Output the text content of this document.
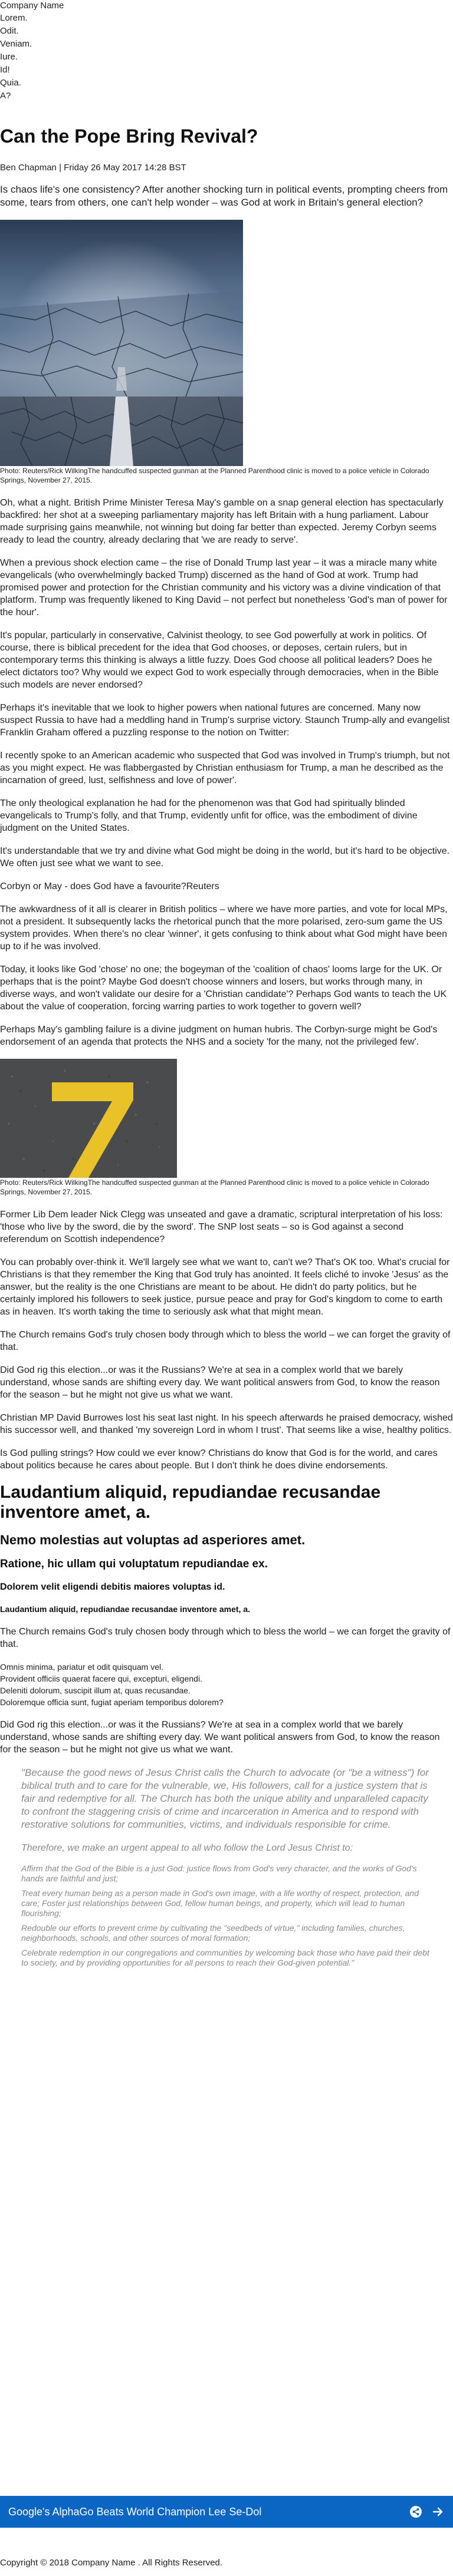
Company Name
Lorem.
Odit.
Veniam.
Iure.
Id!
Quia.
A?
Can the Pope Bring Revival?
Ben Chapman | Friday 26 May 2017 14:28 BST

Is chaos life's one consistency? After another shocking turn in political events, prompting cheers from some, tears from others, one can't help wonder – was God at work in Britain's general election?

Photo: Reuters/Rick WilkingThe handcuffed suspected gunman at the Planned Parenthood clinic is moved to a police vehicle in Colorado Springs, November 27, 2015.

Oh, what a night. British Prime Minister Teresa May's gamble on a snap general election has spectacularly backfired: her shot at a sweeping parliamentary majority has left Britain with a hung parliament. Labour made surprising gains meanwhile, not winning but doing far better than expected. Jeremy Corbyn seems ready to lead the country, already declaring that 'we are ready to serve'.

When a previous shock election came – the rise of Donald Trump last year – it was a miracle many white evangelicals (who overwhelmingly backed Trump) discerned as the hand of God at work. Trump had promised power and protection for the Christian community and his victory was a divine vindication of that platform. Trump was frequently likened to King David – not perfect but nonetheless 'God's man of power for the hour'.

It's popular, particularly in conservative, Calvinist theology, to see God powerfully at work in politics. Of course, there is biblical precedent for the idea that God chooses, or deposes, certain rulers, but in contemporary terms this thinking is always a little fuzzy. Does God choose all political leaders? Does he elect dictators too? Why would we expect God to work especially through democracies, when in the Bible such models are never endorsed?

Perhaps it's inevitable that we look to higher powers when national futures are concerned. Many now suspect Russia to have had a meddling hand in Trump's surprise victory. Staunch Trump-ally and evangelist Franklin Graham offered a puzzling response to the notion on Twitter:

I recently spoke to an American academic who suspected that God was involved in Trump's triumph, but not as you might expect. He was flabbergasted by Christian enthusiasm for Trump, a man he described as the incarnation of greed, lust, selfishness and love of power'.

The only theological explanation he had for the phenomenon was that God had spiritually blinded evangelicals to Trump's folly, and that Trump, evidently unfit for office, was the embodiment of divine judgment on the United States.

It's understandable that we try and divine what God might be doing in the world, but it's hard to be objective. We often just see what we want to see.

Corbyn or May - does God have a favourite?Reuters

The awkwardness of it all is clearer in British politics – where we have more parties, and vote for local MPs, not a president. It subsequently lacks the rhetorical punch that the more polarised, zero-sum game the US system provides. When there's no clear 'winner', it gets confusing to think about what God might have been up to if he was involved.

Today, it looks like God 'chose' no one; the bogeyman of the 'coalition of chaos' looms large for the UK. Or perhaps that is the point? Maybe God doesn't choose winners and losers, but works through many, in diverse ways, and won't validate our desire for a 'Christian candidate'? Perhaps God wants to teach the UK about the value of cooperation, forcing warring parties to work together to govern well?

Perhaps May's gambling failure is a divine judgment on human hubris. The Corbyn-surge might be God's endorsement of an agenda that protects the NHS and a society 'for the many, not the privileged few'.

Photo: Reuters/Rick WilkingThe handcuffed suspected gunman at the Planned Parenthood clinic is moved to a police vehicle in Colorado Springs, November 27, 2015.

Former Lib Dem leader Nick Clegg was unseated and gave a dramatic, scriptural interpretation of his loss: 'those who live by the sword, die by the sword'. The SNP lost seats – so is God against a second referendum on Scottish independence?

You can probably over-think it. We'll largely see what we want to, can't we? That's OK too. What's crucial for Christians is that they remember the King that God truly has anointed. It feels cliché to invoke 'Jesus' as the answer, but the reality is the one Christians are meant to be about. He didn't do party politics, but he certainly implored his followers to seek justice, pursue peace and pray for God's kingdom to come to earth as in heaven. It's worth taking the time to seriously ask what that might mean.

The Church remains God's truly chosen body through which to bless the world – we can forget the gravity of that.

Did God rig this election...or was it the Russians? We're at sea in a complex world that we barely understand, whose sands are shifting every day. We want political answers from God, to know the reason for the season – but he might not give us what we want.

Christian MP David Burrowes lost his seat last night. In his speech afterwards he praised democracy, wished his successor well, and thanked 'my sovereign Lord in whom I trust'. That seems like a wise, healthy politics.

Is God pulling strings? How could we ever know? Christians do know that God is for the world, and cares about politics because he cares about people. But I don't think he does divine endorsements.

Laudantium aliquid, repudiandae recusandae inventore amet, a.
Nemo molestias aut voluptas ad asperiores amet.
Ratione, hic ullam qui voluptatum repudiandae ex.
Dolorem velit eligendi debitis maiores voluptas id.
Laudantium aliquid, repudiandae recusandae inventore amet, a.

The Church remains God's truly chosen body through which to bless the world – we can forget the gravity of that.

Omnis minima, pariatur et odit quisquam vel.
Provident officiis quaerat facere qui, excepturi, eligendi.
Deleniti dolorum, suscipit illum at, quas recusandae.
Doloremque officia sunt, fugiat aperiam temporibus dolorem?

Did God rig this election...or was it the Russians? We're at sea in a complex world that we barely understand, whose sands are shifting every day. We want political answers from God, to know the reason for the season – but he might not give us what we want.

"Because the good news of Jesus Christ calls the Church to advocate (or "be a witness") for biblical truth and to care for the vulnerable, we, His followers, call for a justice system that is fair and redemptive for all. The Church has both the unique ability and unparalleled capacity to confront the staggering crisis of crime and incarceration in America and to respond with restorative solutions for communities, victims, and individuals responsible for crime.
Therefore, we make an urgent appeal to all who follow the Lord Jesus Christ to:
Affirm that the God of the Bible is a just God: justice flows from God's very character, and the works of God's hands are faithful and just;
Treat every human being as a person made in God's own image, with a life worthy of respect, protection, and care; Foster just relationships between God, fellow human beings, and property, which will lead to human flourishing;
Redouble our efforts to prevent crime by cultivating the "seedbeds of virtue," including families, churches, neighborhoods, schools, and other sources of moral formation;
Celebrate redemption in our congregations and communities by welcoming back those who have paid their debt to society, and by providing opportunities for all persons to reach their God-given potential."
Google's AlphaGo Beats World Champion Lee Se-Dol
Copyright © 2018 Company Name . All Rights Reserved.
